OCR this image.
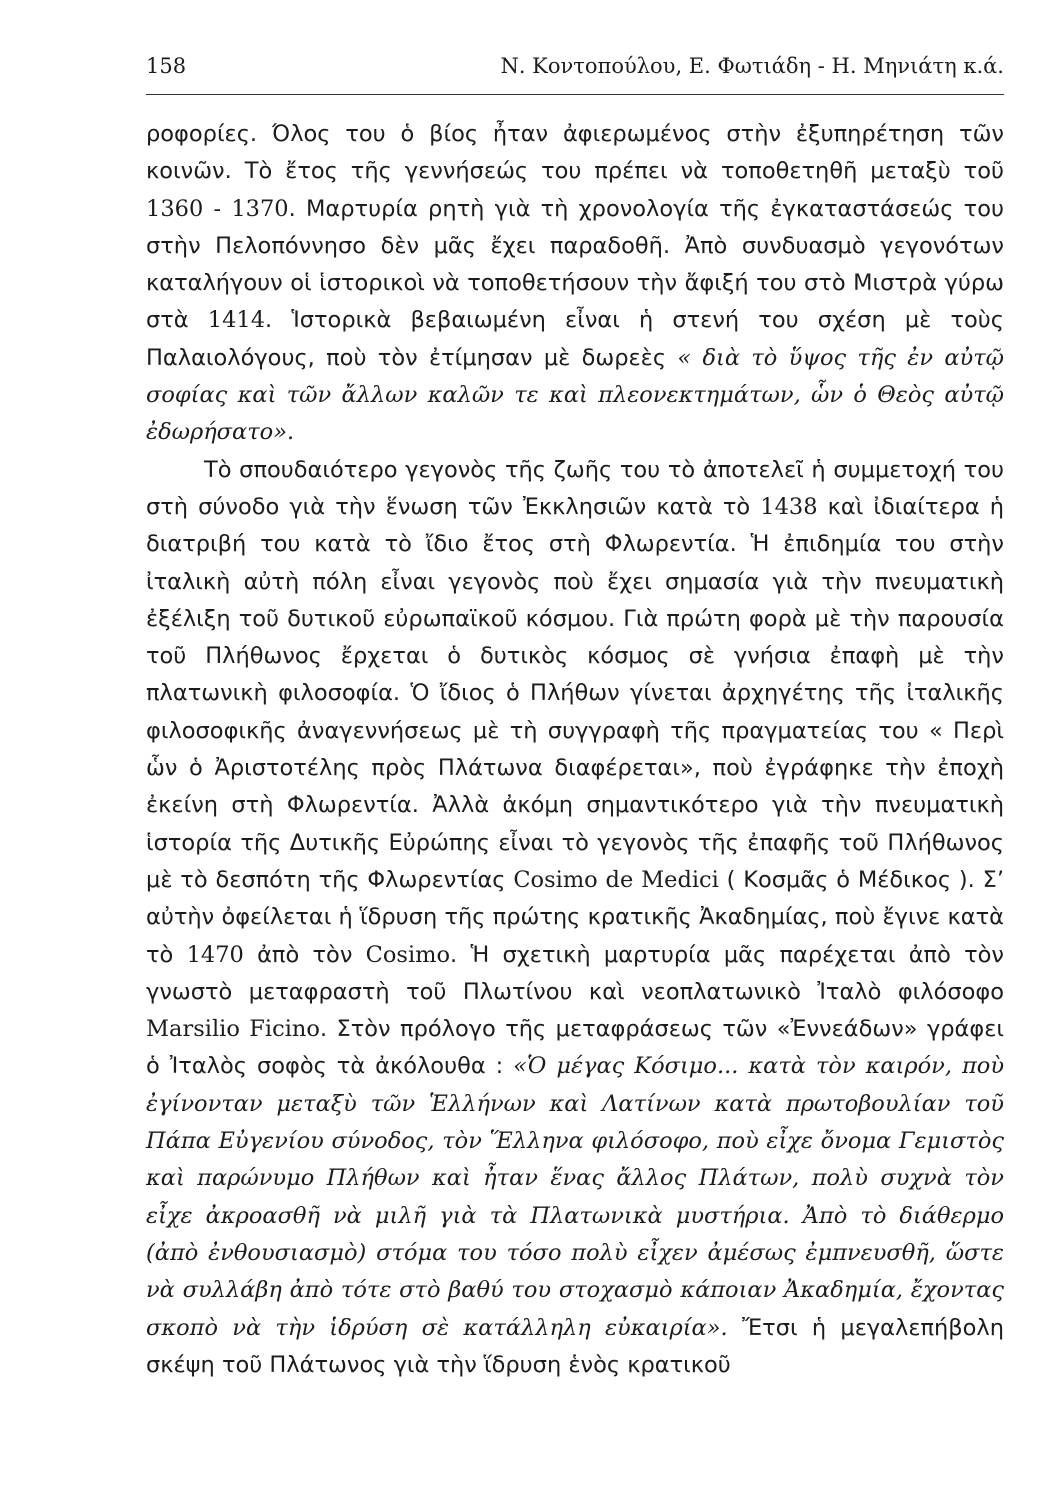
158	Ν. Κοντοπούλου, Ε. Φωτιάδη - Η. Μηνιάτη κ.ά.

ροφορίες. Όλος του ὁ βίος ἦταν ἀφιερωμένος στὴν ἐξυπηρέτηση τῶν κοινῶν. Τὸ ἔτος τῆς γεννήσεώς του πρέπει νὰ τοποθετηθῆ μεταξὺ τοῦ 1360 - 1370. Μαρτυρία ρητὴ γιὰ τὴ χρονολογία τῆς ἐγκαταστάσεώς του στὴν Πελοπόννησο δὲν μᾶς ἔχει παραδοθῆ. Ἀπὸ συνδυασμὸ γεγονότων καταλήγουν οἱ ἱστορικοὶ νὰ τοποθετήσουν τὴν ἄφιξή του στὸ Μιστρὰ γύρω στὰ 1414. Ἱστορικὰ βεβαιωμένη εἶναι ἡ στενή του σχέση μὲ τοὺς Παλαιολόγους, ποὺ τὸν ἐτίμησαν μὲ δωρεὲς « διὰ τὸ ὕψος τῆς ἐν αὐτῷ σοφίας καὶ τῶν ἄλλων καλῶν τε καὶ πλεονεκτημάτων, ὧν ὁ Θεὸς αὐτῷ ἐδωρήσατο».

Τὸ σπουδαιότερο γεγονὸς τῆς ζωῆς του τὸ ἀποτελεῖ ἡ συμμετοχή του στὴ σύνοδο γιὰ τὴν ἕνωση τῶν Ἐκκλησιῶν κατὰ τὸ 1438 καὶ ἰδιαίτερα ἡ διατριβή του κατὰ τὸ ἴδιο ἔτος στὴ Φλωρεντία. Ἡ ἐπιδημία του στὴν ἰταλικὴ αὐτὴ πόλη εἶναι γεγονὸς ποὺ ἔχει σημασία γιὰ τὴν πνευματικὴ ἐξέλιξη τοῦ δυτικοῦ εὐρωπαϊκοῦ κόσμου. Γιὰ πρώτη φορὰ μὲ τὴν παρουσία τοῦ Πλήθωνος ἔρχεται ὁ δυτικὸς κόσμος σὲ γνήσια ἐπαφὴ μὲ τὴν πλατωνικὴ φιλοσοφία. Ὁ ἴδιος ὁ Πλήθων γίνεται ἀρχηγέτης τῆς ἰταλικῆς φιλοσοφικῆς ἀναγεννήσεως μὲ τὴ συγγραφὴ τῆς πραγματείας του « Περὶ ὧν ὁ Ἀριστοτέλης πρὸς Πλάτωνα διαφέρεται», ποὺ ἐγράφηκε τὴν ἐποχὴ ἐκείνη στὴ Φλωρεντία. Ἀλλὰ ἀκόμη σημαντικότερο γιὰ τὴν πνευματικὴ ἱστορία τῆς Δυτικῆς Εὐρώπης εἶναι τὸ γεγονὸς τῆς ἐπαφῆς τοῦ Πλήθωνος μὲ τὸ δεσπότη τῆς Φλωρεντίας Cosimo de Medici ( Κοσμᾶς ὁ Μέδικος ). Σ’ αὐτὴν ὀφείλεται ἡ ἵδρυση τῆς πρώτης κρατικῆς Ἀκαδημίας, ποὺ ἔγινε κατὰ τὸ 1470 ἀπὸ τὸν Cosimo. Ἡ σχετικὴ μαρτυρία μᾶς παρέχεται ἀπὸ τὸν γνωστὸ μεταφραστὴ τοῦ Πλωτίνου καὶ νεοπλατωνικὸ Ἰταλὸ φιλόσοφο Marsilio Ficino. Στὸν πρόλογο τῆς μεταφράσεως τῶν «Ἐννεάδων» γράφει ὁ Ἰταλὸς σοφὸς τὰ ἀκόλουθα : «Ὁ μέγας Κόσιμο... κατὰ τὸν καιρόν, ποὺ ἐγίνονταν μεταξὺ τῶν Ἑλλήνων καὶ Λατίνων κατὰ πρωτοβουλίαν τοῦ Πάπα Εὐγενίου σύνοδος, τὸν Ἕλληνα φιλόσοφο, ποὺ εἶχε ὄνομα Γεμιστὸς καὶ παρώνυμο Πλήθων καὶ ἦταν ἕνας ἄλλος Πλάτων, πολὺ συχνὰ τὸν εἶχε ἀκροασθῆ νὰ μιλῆ γιὰ τὰ Πλατωνικὰ μυστήρια. Ἀπὸ τὸ διάθερμο (ἀπὸ ἐνθουσιασμὸ) στόμα του τόσο πολὺ εἶχεν ἀμέσως ἐμπνευσθῆ, ὥστε νὰ συλλάβη ἀπὸ τότε στὸ βαθύ του στοχασμὸ κάποιαν Ἀκαδημία, ἔχοντας σκοπὸ νὰ τὴν ἱδρύση σὲ κατάλληλη εὐκαιρία». Ἔτσι ἡ μεγαλεπήβολη σκέψη τοῦ Πλάτωνος γιὰ τὴν ἵδρυση ἑνὸς κρατικοῦ
